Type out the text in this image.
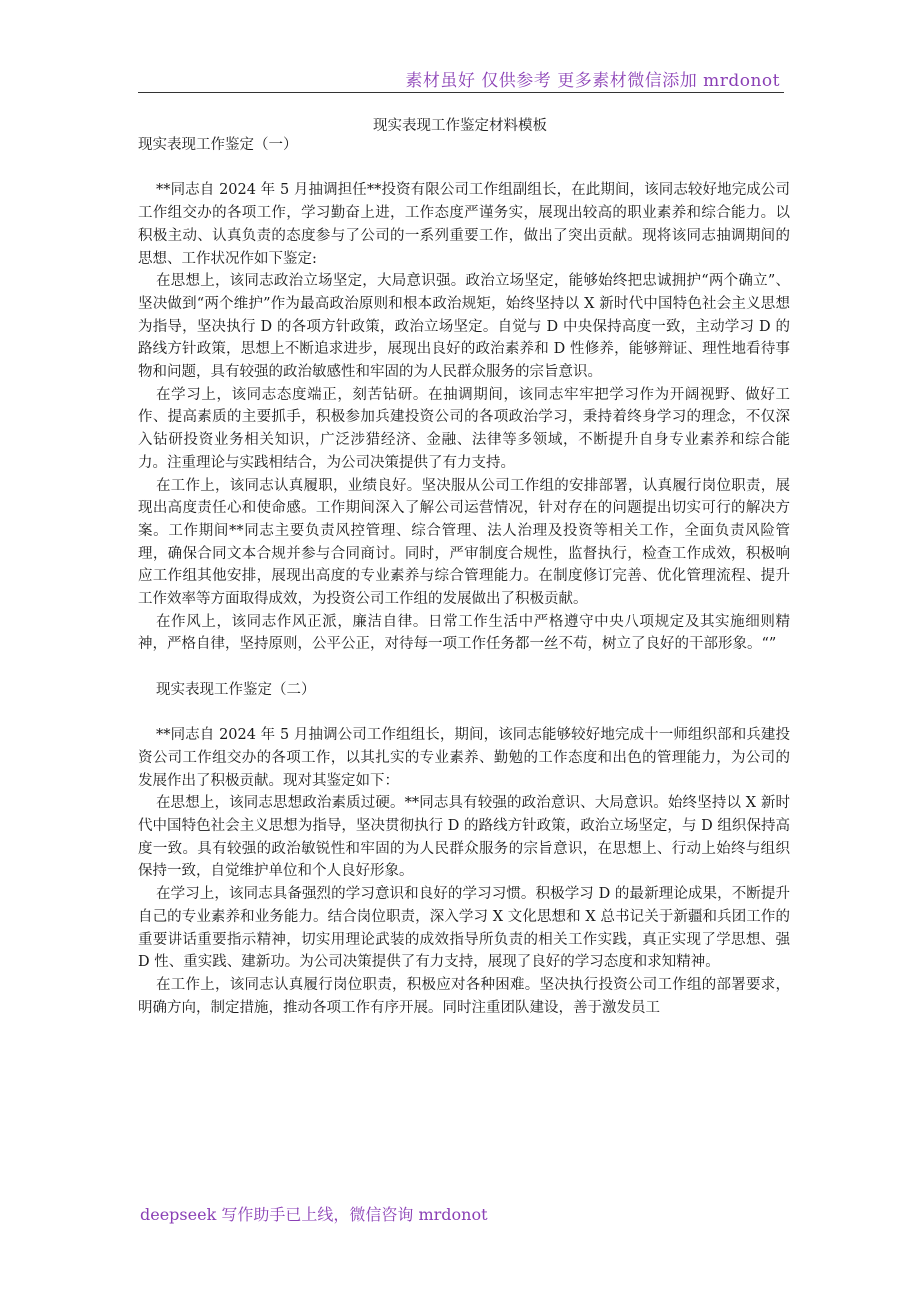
素材虽好 仅供参考 更多素材微信添加 mrdonot
现实表现工作鉴定材料模板

现实表现工作鉴定（一）

**同志自 2024 年 5 月抽调担任**投资有限公司工作组副组长，在此期间，该同志较好地完成公司工作组交办的各项工作，学习勤奋上进，工作态度严谨务实，展现出较高的职业素养和综合能力。以积极主动、认真负责的态度参与了公司的一系列重要工作，做出了突出贡献。现将该同志抽调期间的思想、工作状况作如下鉴定:

在思想上，该同志政治立场坚定，大局意识强。政治立场坚定，能够始终把忠诚拥护“两个确立”、坚决做到“两个维护”作为最高政治原则和根本政治规矩，始终坚持以 X 新时代中国特色社会主义思想为指导，坚决执行 D 的各项方针政策，政治立场坚定。自觉与 D 中央保持高度一致，主动学习 D 的路线方针政策，思想上不断追求进步，展现出良好的政治素养和 D 性修养，能够辩证、理性地看待事物和问题，具有较强的政治敏感性和牢固的为人民群众服务的宗旨意识。

在学习上，该同志态度端正，刻苦钻研。在抽调期间，该同志牢牢把学习作为开阔视野、做好工作、提高素质的主要抓手，积极参加兵建投资公司的各项政治学习，秉持着终身学习的理念，不仅深入钻研投资业务相关知识，广泛涉猎经济、金融、法律等多领域，不断提升自身专业素养和综合能力。注重理论与实践相结合，为公司决策提供了有力支持。

在工作上，该同志认真履职，业绩良好。坚决服从公司工作组的安排部署，认真履行岗位职责，展现出高度责任心和使命感。工作期间深入了解公司运营情况，针对存在的问题提出切实可行的解决方案。工作期间**同志主要负责风控管理、综合管理、法人治理及投资等相关工作，全面负责风险管理，确保合同文本合规并参与合同商讨。同时，严审制度合规性，监督执行，检查工作成效，积极响应工作组其他安排，展现出高度的专业素养与综合管理能力。在制度修订完善、优化管理流程、提升工作效率等方面取得成效，为投资公司工作组的发展做出了积极贡献。

在作风上，该同志作风正派，廉洁自律。日常工作生活中严格遵守中央八项规定及其实施细则精神，严格自律，坚持原则，公平公正，对待每一项工作任务都一丝不苟，树立了良好的干部形象。“”

现实表现工作鉴定（二）

**同志自 2024 年 5 月抽调公司工作组组长，期间，该同志能够较好地完成十一师组织部和兵建投资公司工作组交办的各项工作，以其扎实的专业素养、勤勉的工作态度和出色的管理能力，为公司的发展作出了积极贡献。现对其鉴定如下：

在思想上，该同志思想政治素质过硬。**同志具有较强的政治意识、大局意识。始终坚持以 X 新时代中国特色社会主义思想为指导，坚决贯彻执行 D 的路线方针政策，政治立场坚定，与 D 组织保持高度一致。具有较强的政治敏锐性和牢固的为人民群众服务的宗旨意识，在思想上、行动上始终与组织保持一致，自觉维护单位和个人良好形象。

在学习上，该同志具备强烈的学习意识和良好的学习习惯。积极学习 D 的最新理论成果，不断提升自己的专业素养和业务能力。结合岗位职责，深入学习 X 文化思想和 X 总书记关于新疆和兵团工作的重要讲话重要指示精神，切实用理论武装的成效指导所负责的相关工作实践，真正实现了学思想、强 D 性、重实践、建新功。为公司决策提供了有力支持，展现了良好的学习态度和求知精神。

在工作上，该同志认真履行岗位职责，积极应对各种困难。坚决执行投资公司工作组的部署要求，明确方向，制定措施，推动各项工作有序开展。同时注重团队建设，善于激发员工

deepseek 写作助手已上线，微信咨询 mrdonot
